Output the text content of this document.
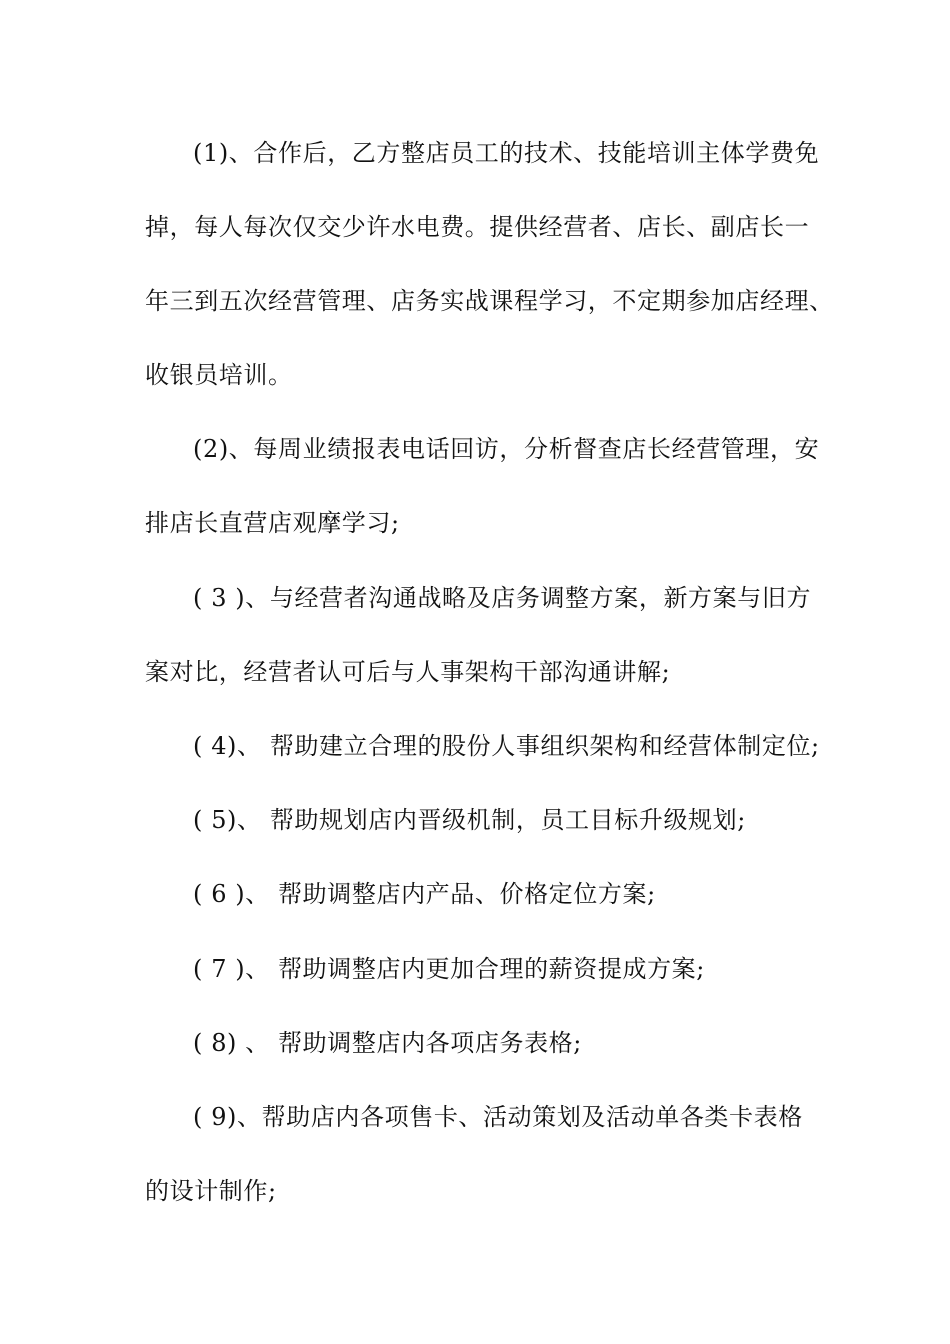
(1)、合作后，乙方整店员工的技术、技能培训主体学费免
掉，每人每次仅交少许水电费。提供经营者、店长、副店长一
年三到五次经营管理、店务实战课程学习，不定期参加店经理、
收银员培训。
(2)、每周业绩报表电话回访，分析督查店长经营管理，安
排店长直营店观摩学习;
( 3 )、与经营者沟通战略及店务调整方案，新方案与旧方
案对比，经营者认可后与人事架构干部沟通讲解;
( 4)、 帮助建立合理的股份人事组织架构和经营体制定位;
( 5)、 帮助规划店内晋级机制，员工目标升级规划;
( 6 )、 帮助调整店内产品、价格定位方案;
( 7 )、 帮助调整店内更加合理的薪资提成方案;
( 8) 、 帮助调整店内各项店务表格;
( 9)、帮助店内各项售卡、活动策划及活动单各类卡表格
的设计制作;
